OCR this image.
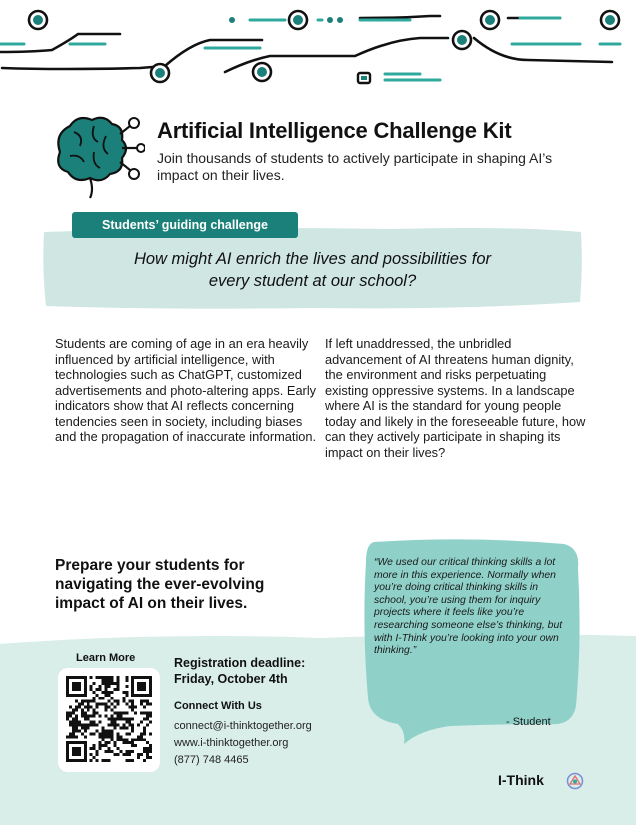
Artificial Intelligence Challenge Kit
Join thousands of students to actively participate in shaping AI’s impact on their lives.
Students’ guiding challenge
How might AI enrich the lives and possibilities for
every student at our school?
Students are coming of age in an era heavily influenced by artificial intelligence, with technologies such as ChatGPT, customized advertisements and photo-altering apps. Early indicators show that AI reflects concerning tendencies seen in society, including biases and the propagation of inaccurate information.
If left unaddressed, the unbridled advancement of AI threatens human dignity, the environment and risks perpetuating existing oppressive systems. In a landscape where AI is the standard for young people today and likely in the foreseeable future, how can they actively participate in shaping its impact on their lives?
Prepare your students for
navigating the ever-evolving
impact of AI on their lives.
“We used our critical thinking skills a lot more in this experience. Normally when you’re doing critical thinking skills in school, you’re using them for inquiry projects where it feels like you’re researching someone else’s thinking, but with I-Think you’re looking into your own thinking.”
- Student
Learn More	Registration deadline:
Friday, October 4th
Connect With Us
connect@i-thinktogether.org
www.i-thinktogether.org
(877) 748 4465
I-Think
